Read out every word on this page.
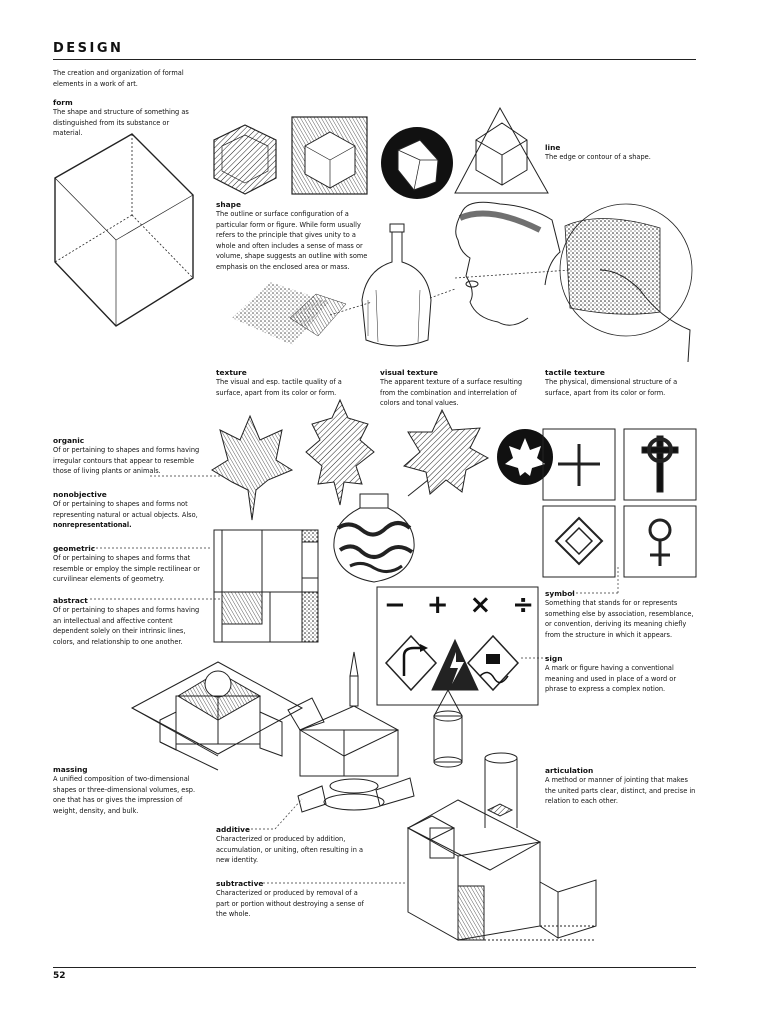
DESIGN
The creation and organization of formal elements in a work of art.
form
The shape and structure of something as distinguished from its substance or material.
line
The edge or contour of a shape.
shape
The outline or surface configuration of a particular form or figure. While form usually refers to the principle that gives unity to a whole and often includes a sense of mass or volume, shape suggests an outline with some emphasis on the enclosed area or mass.
texture
The visual and esp. tactile quality of a surface, apart from its color or form.
visual texture
The apparent texture of a surface resulting from the combination and interrelation of colors and tonal values.
tactile texture
The physical, dimensional structure of a surface, apart from its color or form.
organic
Of or pertaining to shapes and forms having irregular contours that appear to resemble those of living plants or animals.
nonobjective
Of or pertaining to shapes and forms not representing natural or actual objects. Also, nonrepresentational.
geometric
Of or pertaining to shapes and forms that resemble or employ the simple rectilinear or curvilinear elements of geometry.
abstract
Of or pertaining to shapes and forms having an intellectual and affective content dependent solely on their intrinsic lines, colors, and relationship to one another.
symbol
Something that stands for or represents something else by association, resemblance, or convention, deriving its meaning chiefly from the structure in which it appears.
sign
A mark or figure having a conventional meaning and used in place of a word or phrase to express a complex notion.
massing
A unified composition of two-dimensional shapes or three-dimensional volumes, esp. one that has or gives the impression of weight, density, and bulk.
articulation
A method or manner of jointing that makes the united parts clear, distinct, and precise in relation to each other.
additive
Characterized or produced by addition, accumulation, or uniting, often resulting in a new identity.
subtractive
Characterized or produced by removal of a part or portion without destroying a sense of the whole.
− + × ÷
52
